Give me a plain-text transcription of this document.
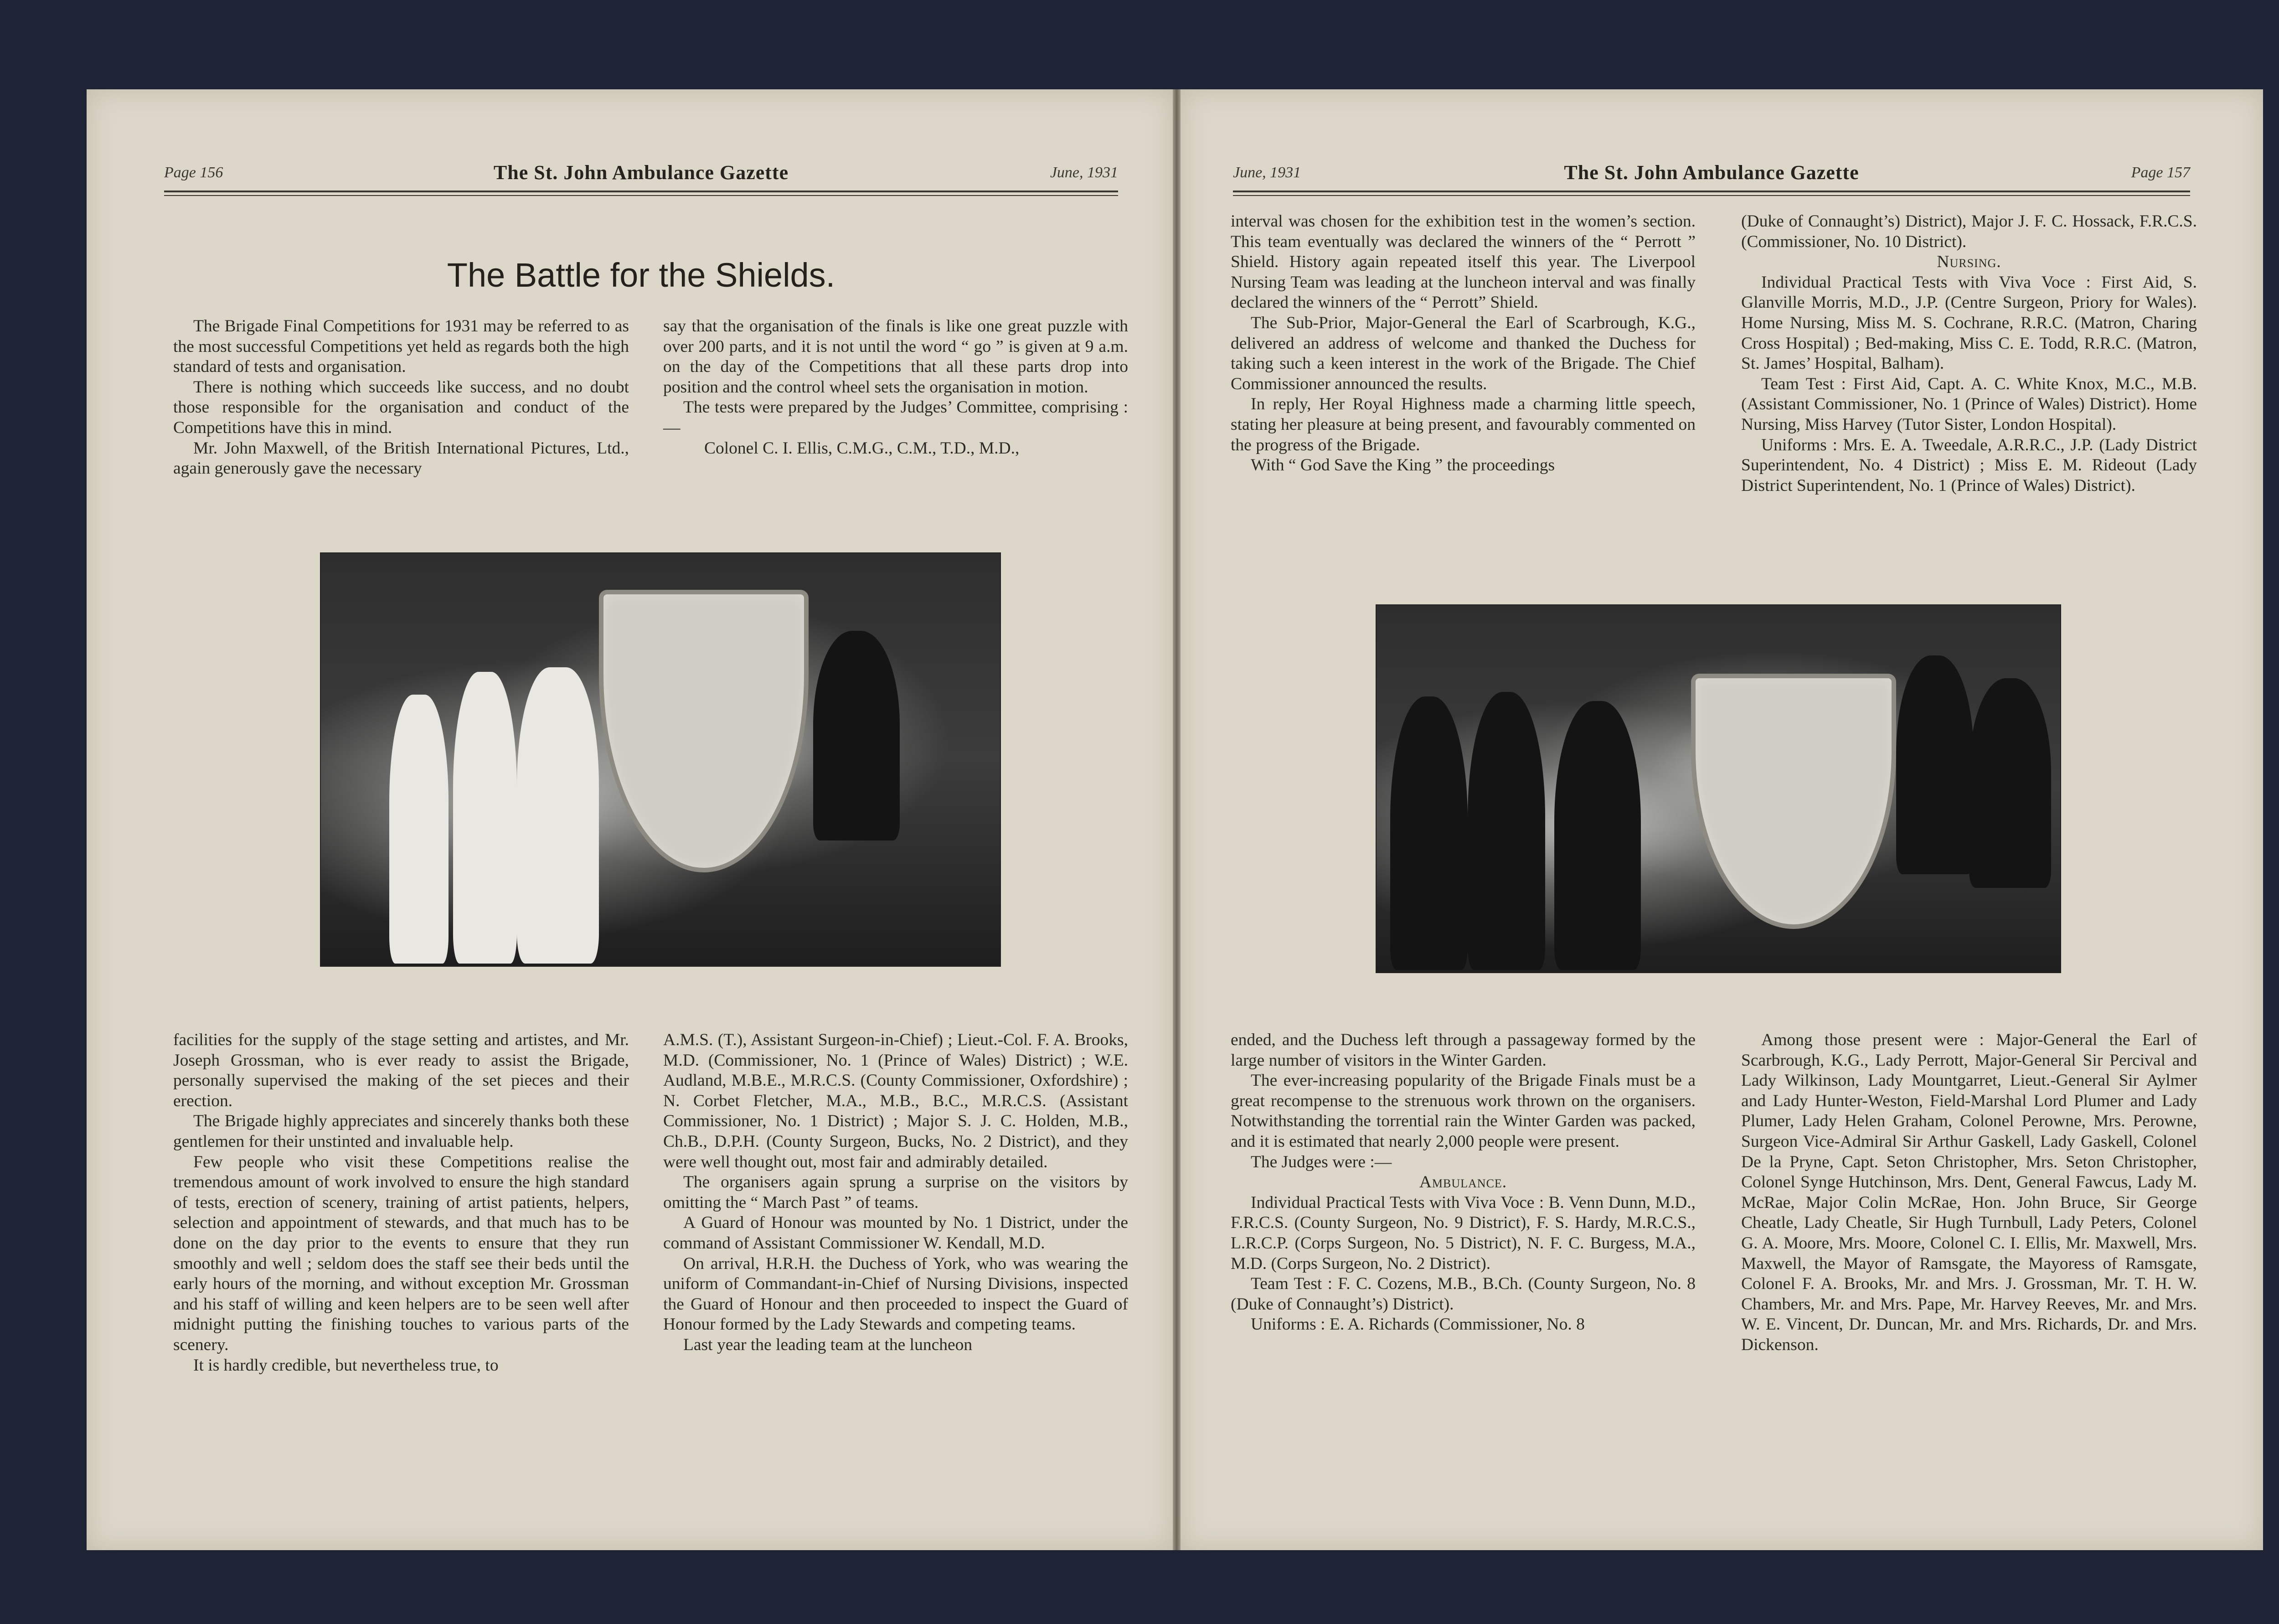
Page 156	The St. John Ambulance Gazette	June, 1931
The Battle for the Shields.

The Brigade Final Competitions for 1931 may be referred to as the most successful Competitions yet held as regards both the high standard of tests and organisation.

There is nothing which succeeds like success, and no doubt those responsible for the organisation and conduct of the Competitions have this in mind.

Mr. John Maxwell, of the British International Pictures, Ltd., again generously gave the necessary

say that the organisation of the finals is like one great puzzle with over 200 parts, and it is not until the word “ go ” is given at 9 a.m. on the day of the Competitions that all these parts drop into position and the control wheel sets the organisation in motion.

The tests were prepared by the Judges’ Committee, comprising :—

Colonel C. I. Ellis, C.M.G., C.M., T.D., M.D.,

facilities for the supply of the stage setting and artistes, and Mr. Joseph Grossman, who is ever ready to assist the Brigade, personally supervised the making of the set pieces and their erection.

The Brigade highly appreciates and sincerely thanks both these gentlemen for their unstinted and invaluable help.

Few people who visit these Competitions realise the tremendous amount of work involved to ensure the high standard of tests, erection of scenery, training of artist patients, helpers, selection and appointment of stewards, and that much has to be done on the day prior to the events to ensure that they run smoothly and well ; seldom does the staff see their beds until the early hours of the morning, and without exception Mr. Grossman and his staff of willing and keen helpers are to be seen well after midnight putting the finishing touches to various parts of the scenery.

It is hardly credible, but nevertheless true, to

A.M.S. (T.), Assistant Surgeon-in-Chief) ; Lieut.-Col. F. A. Brooks, M.D. (Commissioner, No. 1 (Prince of Wales) District) ; W.E. Audland, M.B.E., M.R.C.S. (County Commissioner, Oxfordshire) ; N. Corbet Fletcher, M.A., M.B., B.C., M.R.C.S. (Assistant Commissioner, No. 1 District) ; Major S. J. C. Holden, M.B., Ch.B., D.P.H. (County Surgeon, Bucks, No. 2 District), and they were well thought out, most fair and admirably detailed.

The organisers again sprung a surprise on the visitors by omitting the “ March Past ” of teams.

A Guard of Honour was mounted by No. 1 District, under the command of Assistant Commissioner W. Kendall, M.D.

On arrival, H.R.H. the Duchess of York, who was wearing the uniform of Commandant-in-Chief of Nursing Divisions, inspected the Guard of Honour and then proceeded to inspect the Guard of Honour formed by the Lady Stewards and competing teams.

Last year the leading team at the luncheon

June, 1931	The St. John Ambulance Gazette	Page 157

interval was chosen for the exhibition test in the women’s section. This team eventually was declared the winners of the “ Perrott ” Shield. History again repeated itself this year. The Liverpool Nursing Team was leading at the luncheon interval and was finally declared the winners of the “ Perrott” Shield.

The Sub-Prior, Major-General the Earl of Scarbrough, K.G., delivered an address of welcome and thanked the Duchess for taking such a keen interest in the work of the Brigade. The Chief Commissioner announced the results.

In reply, Her Royal Highness made a charming little speech, stating her pleasure at being present, and favourably commented on the progress of the Brigade.

With “ God Save the King ” the proceedings

(Duke of Connaught’s) District), Major J. F. C. Hossack, F.R.C.S. (Commissioner, No. 10 District).

Nursing.

Individual Practical Tests with Viva Voce : First Aid, S. Glanville Morris, M.D., J.P. (Centre Surgeon, Priory for Wales). Home Nursing, Miss M. S. Cochrane, R.R.C. (Matron, Charing Cross Hospital) ; Bed-making, Miss C. E. Todd, R.R.C. (Matron, St. James’ Hospital, Balham).

Team Test : First Aid, Capt. A. C. White Knox, M.C., M.B. (Assistant Commissioner, No. 1 (Prince of Wales) District). Home Nursing, Miss Harvey (Tutor Sister, London Hospital).

Uniforms : Mrs. E. A. Tweedale, A.R.R.C., J.P. (Lady District Superintendent, No. 4 District) ; Miss E. M. Rideout (Lady District Superintendent, No. 1 (Prince of Wales) District).

ended, and the Duchess left through a passageway formed by the large number of visitors in the Winter Garden.

The ever-increasing popularity of the Brigade Finals must be a great recompense to the strenuous work thrown on the organisers. Notwithstanding the torrential rain the Winter Garden was packed, and it is estimated that nearly 2,000 people were present.

The Judges were :—

Ambulance.

Individual Practical Tests with Viva Voce : B. Venn Dunn, M.D., F.R.C.S. (County Surgeon, No. 9 District), F. S. Hardy, M.R.C.S., L.R.C.P. (Corps Surgeon, No. 5 District), N. F. C. Burgess, M.A., M.D. (Corps Surgeon, No. 2 District).

Team Test : F. C. Cozens, M.B., B.Ch. (County Surgeon, No. 8 (Duke of Connaught’s) District).

Uniforms : E. A. Richards (Commissioner, No. 8

Among those present were : Major-General the Earl of Scarbrough, K.G., Lady Perrott, Major-General Sir Percival and Lady Wilkinson, Lady Mountgarret, Lieut.-General Sir Aylmer and Lady Hunter-Weston, Field-Marshal Lord Plumer and Lady Plumer, Lady Helen Graham, Colonel Perowne, Mrs. Perowne, Surgeon Vice-Admiral Sir Arthur Gaskell, Lady Gaskell, Colonel De la Pryne, Capt. Seton Christopher, Mrs. Seton Christopher, Colonel Synge Hutchinson, Mrs. Dent, General Fawcus, Lady M. McRae, Major Colin McRae, Hon. John Bruce, Sir George Cheatle, Lady Cheatle, Sir Hugh Turnbull, Lady Peters, Colonel G. A. Moore, Mrs. Moore, Colonel C. I. Ellis, Mr. Maxwell, Mrs. Maxwell, the Mayor of Ramsgate, the Mayoress of Ramsgate, Colonel F. A. Brooks, Mr. and Mrs. J. Grossman, Mr. T. H. W. Chambers, Mr. and Mrs. Pape, Mr. Harvey Reeves, Mr. and Mrs. W. E. Vincent, Dr. Duncan, Mr. and Mrs. Richards, Dr. and Mrs. Dickenson.
